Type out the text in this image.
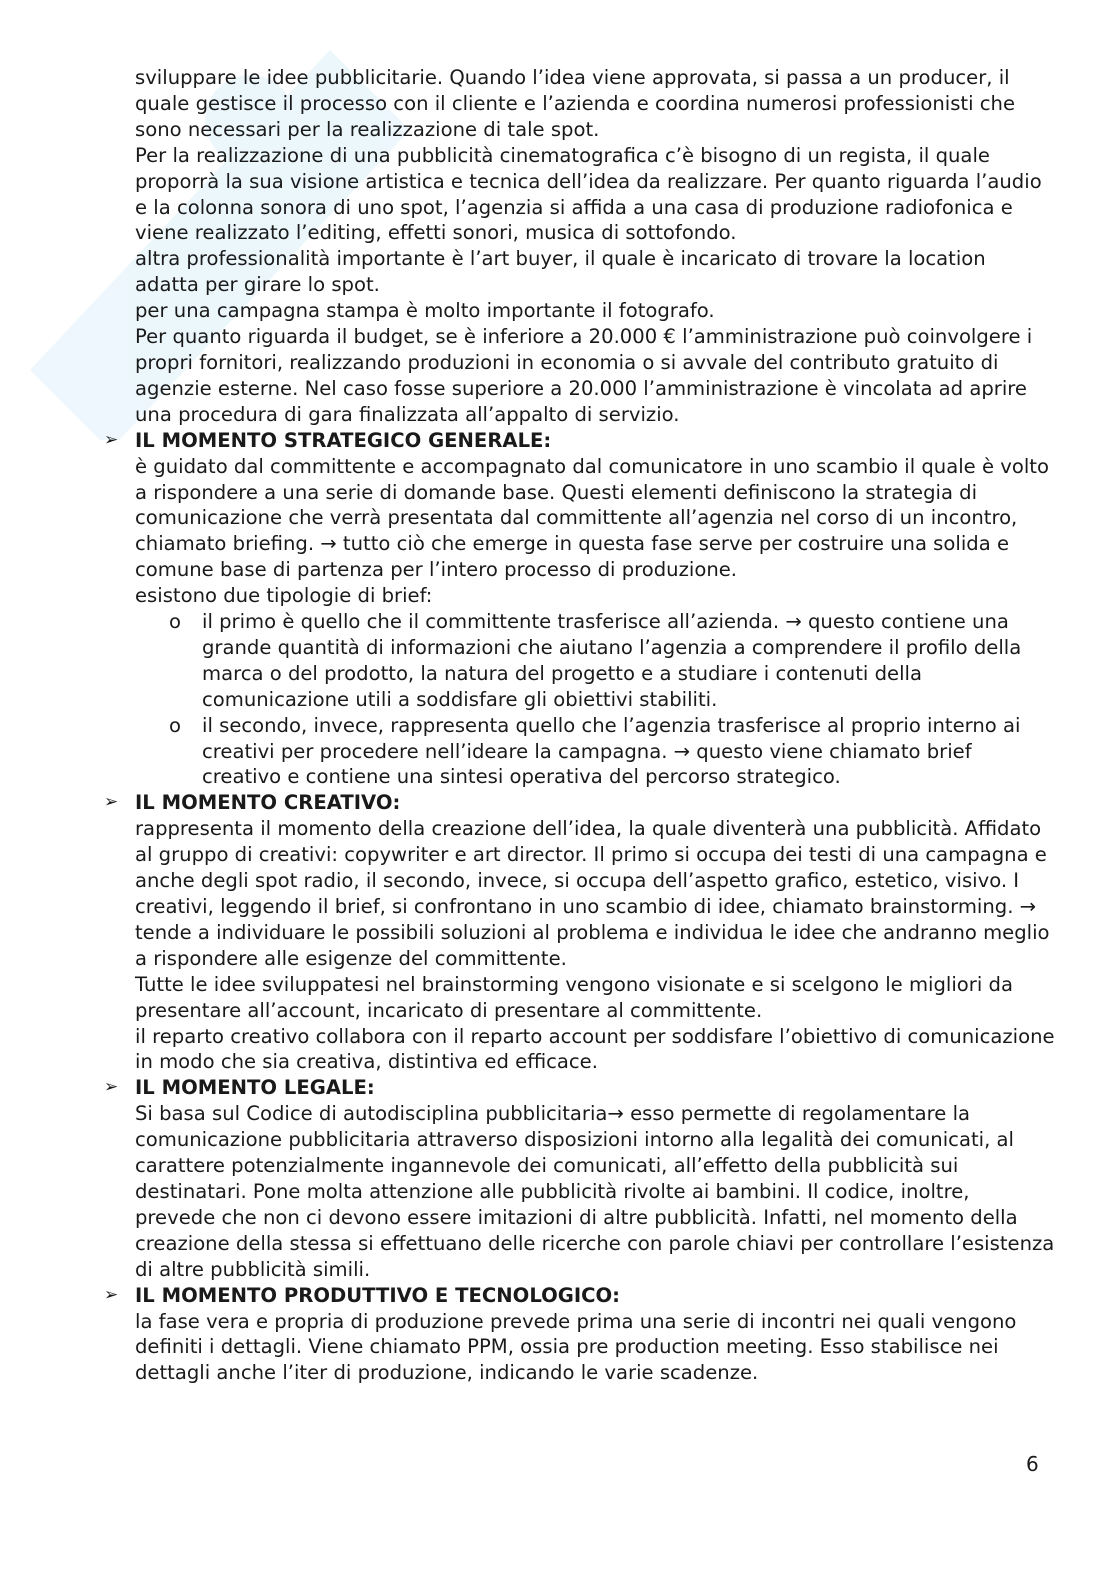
sviluppare le idee pubblicitarie. Quando l’idea viene approvata, si passa a un producer, il quale gestisce il processo con il cliente e l’azienda e coordina numerosi professionisti che sono necessari per la realizzazione di tale spot.

Per la realizzazione di una pubblicità cinematografica c’è bisogno di un regista, il quale proporrà la sua visione artistica e tecnica dell’idea da realizzare. Per quanto riguarda l’audio e la colonna sonora di uno spot, l’agenzia si affida a una casa di produzione radiofonica e viene realizzato l’editing, effetti sonori, musica di sottofondo.

altra professionalità importante è l’art buyer, il quale è incaricato di trovare la location adatta per girare lo spot.

per una campagna stampa è molto importante il fotografo.

Per quanto riguarda il budget, se è inferiore a 20.000 € l’amministrazione può coinvolgere i propri fornitori, realizzando produzioni in economia o si avvale del contributo gratuito di agenzie esterne. Nel caso fosse superiore a 20.000 l’amministrazione è vincolata ad aprire una procedura di gara finalizzata all’appalto di servizio.

➢ IL MOMENTO STRATEGICO GENERALE:

è guidato dal committente e accompagnato dal comunicatore in uno scambio il quale è volto a rispondere a una serie di domande base. Questi elementi definiscono la strategia di comunicazione che verrà presentata dal committente all’agenzia nel corso di un incontro, chiamato briefing. → tutto ciò che emerge in questa fase serve per costruire una solida e comune base di partenza per l’intero processo di produzione.

esistono due tipologie di brief:

o il primo è quello che il committente trasferisce all’azienda. → questo contiene una grande quantità di informazioni che aiutano l’agenzia a comprendere il profilo della marca o del prodotto, la natura del progetto e a studiare i contenuti della comunicazione utili a soddisfare gli obiettivi stabiliti.
o il secondo, invece, rappresenta quello che l’agenzia trasferisce al proprio interno ai creativi per procedere nell’ideare la campagna. → questo viene chiamato brief creativo e contiene una sintesi operativa del percorso strategico.
➢ IL MOMENTO CREATIVO:

rappresenta il momento della creazione dell’idea, la quale diventerà una pubblicità. Affidato al gruppo di creativi: copywriter e art director. Il primo si occupa dei testi di una campagna e anche degli spot radio, il secondo, invece, si occupa dell’aspetto grafico, estetico, visivo. I creativi, leggendo il brief, si confrontano in uno scambio di idee, chiamato brainstorming. → tende a individuare le possibili soluzioni al problema e individua le idee che andranno meglio a rispondere alle esigenze del committente.

Tutte le idee sviluppatesi nel brainstorming vengono visionate e si scelgono le migliori da presentare all’account, incaricato di presentare al committente.

il reparto creativo collabora con il reparto account per soddisfare l’obiettivo di comunicazione in modo che sia creativa, distintiva ed efficace.

➢ IL MOMENTO LEGALE:

Si basa sul Codice di autodisciplina pubblicitaria→ esso permette di regolamentare la comunicazione pubblicitaria attraverso disposizioni intorno alla legalità dei comunicati, al carattere potenzialmente ingannevole dei comunicati, all’effetto della pubblicità sui destinatari. Pone molta attenzione alle pubblicità rivolte ai bambini. Il codice, inoltre, prevede che non ci devono essere imitazioni di altre pubblicità. Infatti, nel momento della creazione della stessa si effettuano delle ricerche con parole chiavi per controllare l’esistenza di altre pubblicità simili.

➢ IL MOMENTO PRODUTTIVO E TECNOLOGICO:

la fase vera e propria di produzione prevede prima una serie di incontri nei quali vengono definiti i dettagli. Viene chiamato PPM, ossia pre production meeting. Esso stabilisce nei dettagli anche l’iter di produzione, indicando le varie scadenze.

6
